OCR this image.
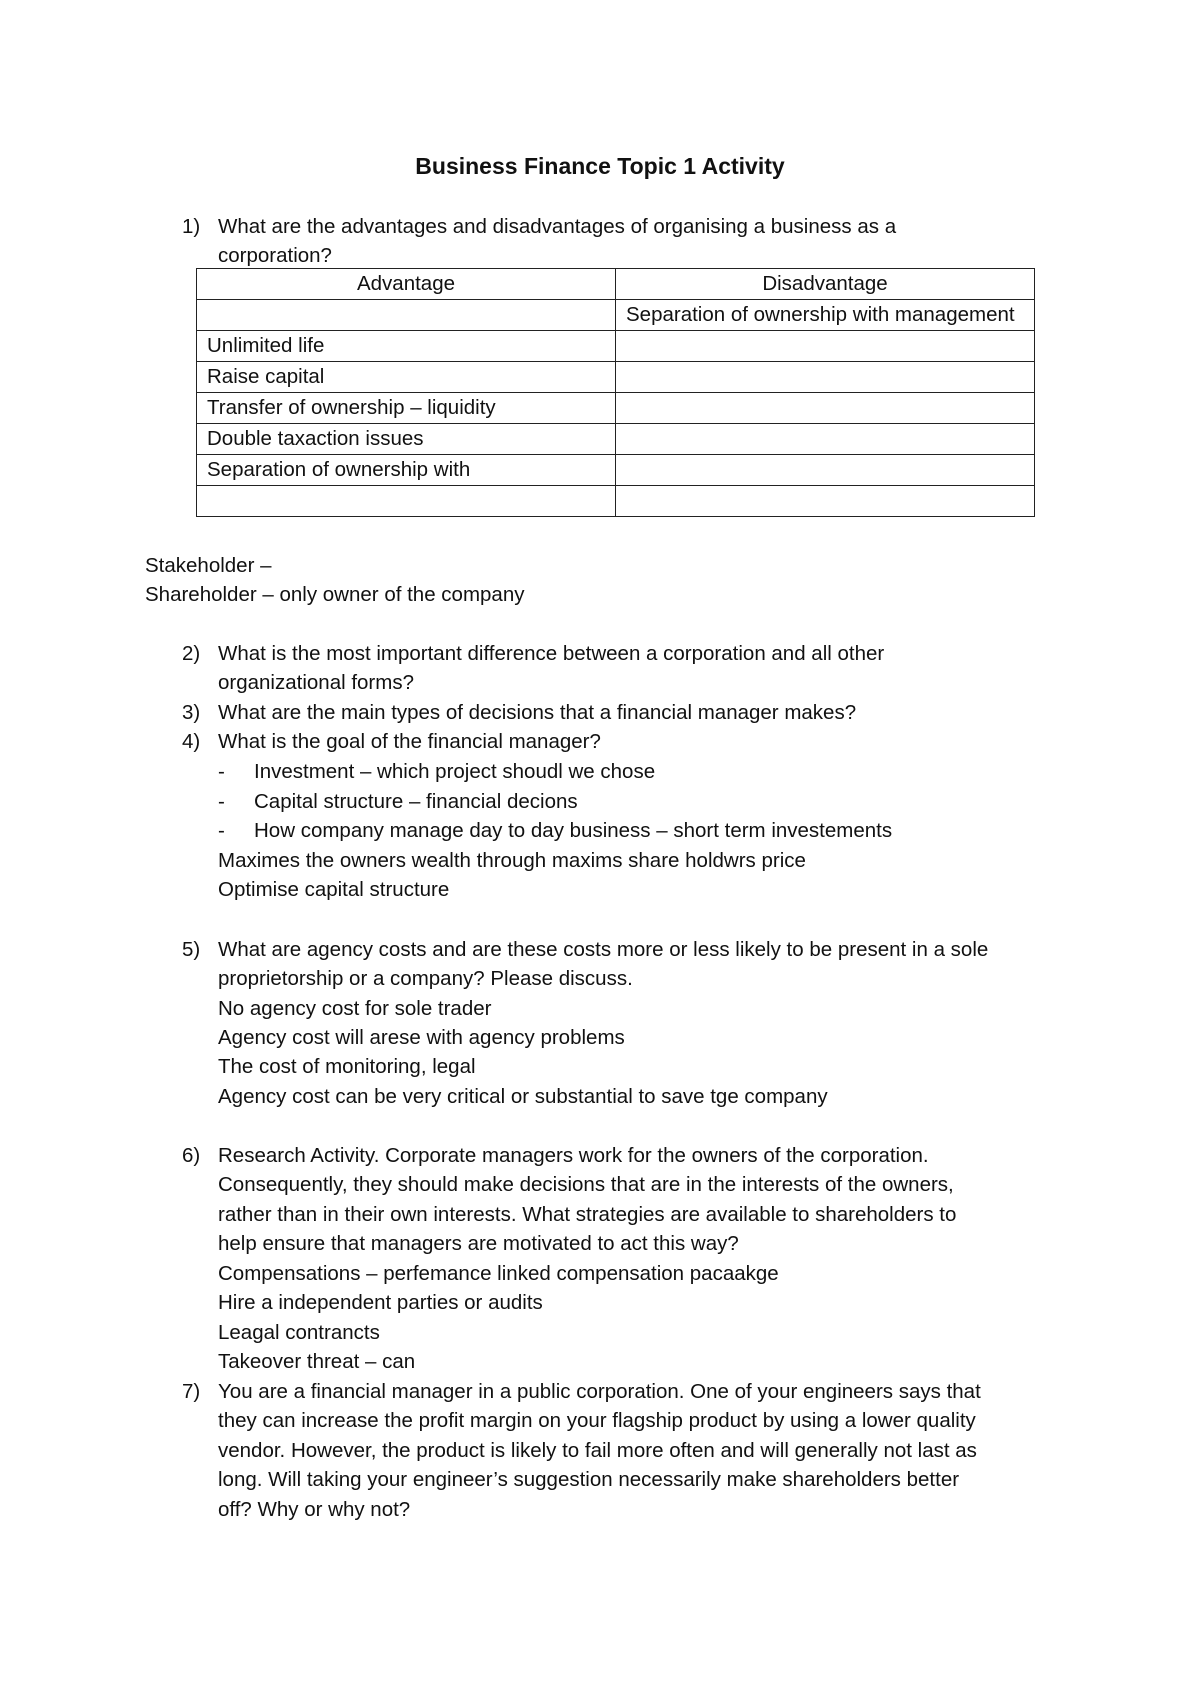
Business Finance Topic 1 Activity
1) What are the advantages and disadvantages of organising a business as a
corporation?
Advantage	Disadvantage
	Separation of ownership with management
Unlimited life	
Raise capital	
Transfer of ownership – liquidity	
Double taxaction issues	
Separation of ownership with	

Stakeholder –
Shareholder – only owner of the company
2) What is the most important difference between a corporation and all other
organizational forms?
3) What are the main types of decisions that a financial manager makes?
4) What is the goal of the financial manager?
- Investment – which project shoudl we chose
- Capital structure – financial decions
- How company manage day to day business – short term investements
Maximes the owners wealth through maxims share holdwrs price
Optimise capital structure
5) What are agency costs and are these costs more or less likely to be present in a sole
proprietorship or a company? Please discuss.
No agency cost for sole trader
Agency cost will arese with agency problems
The cost of monitoring, legal
Agency cost can be very critical or substantial to save tge company
6) Research Activity. Corporate managers work for the owners of the corporation.
Consequently, they should make decisions that are in the interests of the owners,
rather than in their own interests. What strategies are available to shareholders to
help ensure that managers are motivated to act this way?
Compensations – perfemance linked compensation pacaakge
Hire a independent parties or audits
Leagal contrancts
Takeover threat – can
7) You are a financial manager in a public corporation. One of your engineers says that
they can increase the profit margin on your flagship product by using a lower quality
vendor. However, the product is likely to fail more often and will generally not last as
long. Will taking your engineer’s suggestion necessarily make shareholders better
off? Why or why not?
